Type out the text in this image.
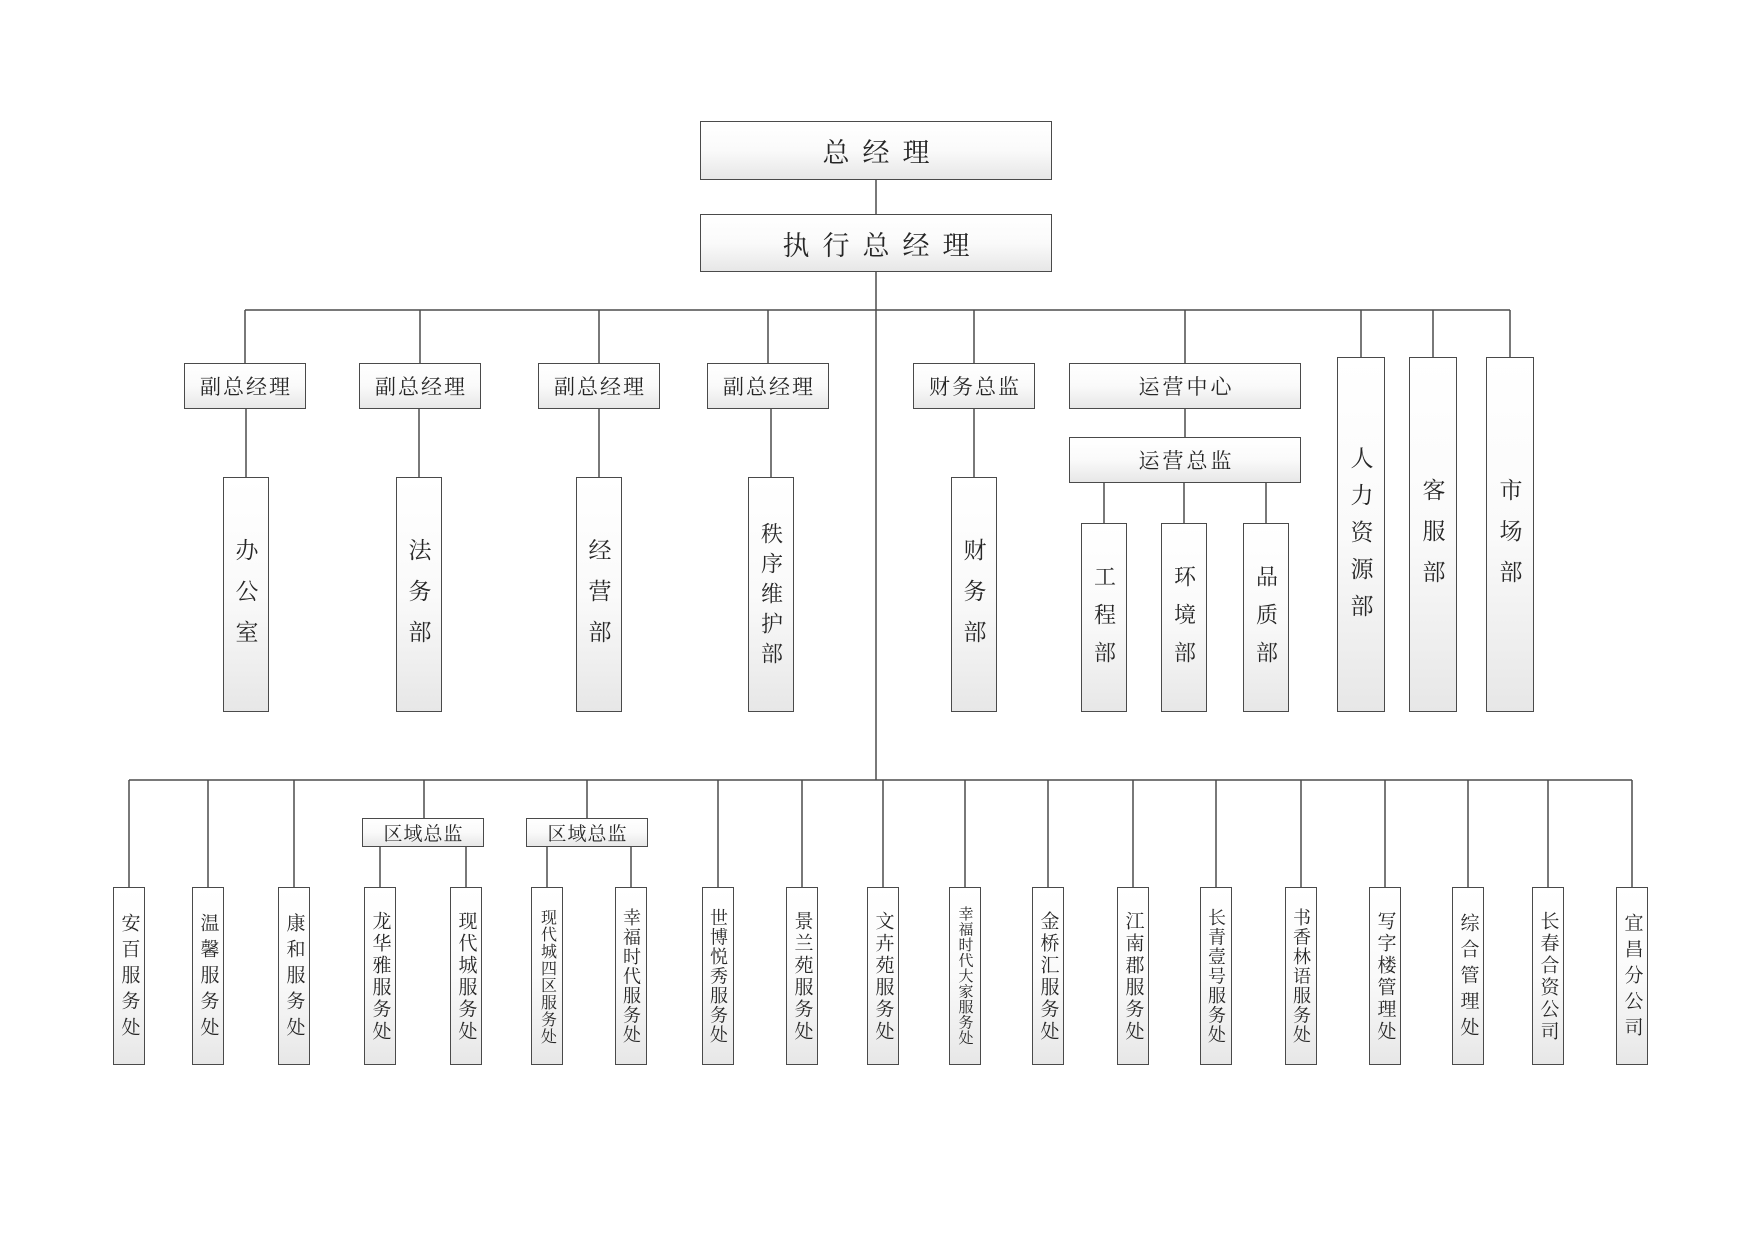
总经理
执行总经理
副总经理	副总经理	副总经理	副总经理	财务总监	运营中心
运营总监	人力资源部	客服部	市场部
办公室	法务部	经营部	秩序维护部	财务部	工程部	环境部	品质部
区域总监	区域总监
安百服务处	温馨服务处	康和服务处	龙华雅服务处	现代城服务处	现代城四区服务处	幸福时代服务处	世博悦秀服务处	景兰苑服务处	文卉苑服务处	幸福时代大家服务处	金桥汇服务处	江南郡服务处	长青壹号服务处	书香林语服务处	写字楼管理处	综合管理处	长春合资公司	宜昌分公司
